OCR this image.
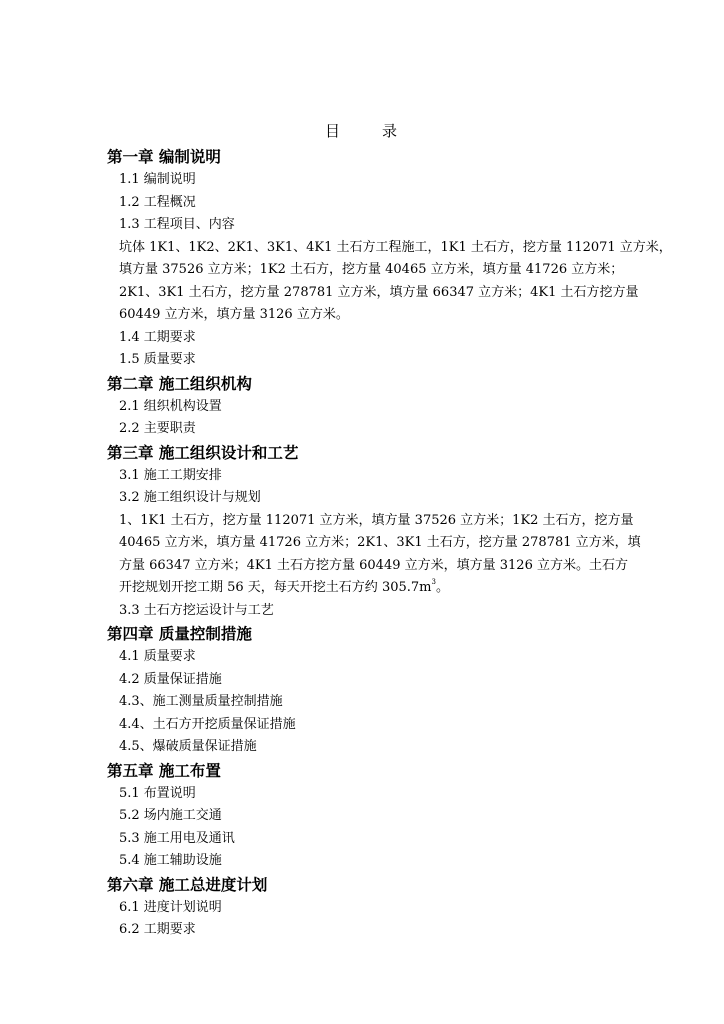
目	录
第一章 编制说明
1.1 编制说明
1.2 工程概况
1.3 工程项目、内容
坑体 1K1、1K2、2K1、3K1、4K1 土石方工程施工，1K1 土石方，挖方量 112071 立方米，
填方量 37526 立方米；1K2 土石方，挖方量 40465 立方米，填方量 41726 立方米；
2K1、3K1 土石方，挖方量 278781 立方米，填方量 66347 立方米；4K1 土石方挖方量
60449 立方米，填方量 3126 立方米。
1.4 工期要求
1.5 质量要求
第二章 施工组织机构
2.1 组织机构设置
2.2 主要职责
第三章 施工组织设计和工艺
3.1 施工工期安排
3.2 施工组织设计与规划
1、1K1 土石方，挖方量 112071 立方米，填方量 37526 立方米；1K2 土石方，挖方量
40465 立方米，填方量 41726 立方米；2K1、3K1 土石方，挖方量 278781 立方米，填
方量 66347 立方米；4K1 土石方挖方量 60449 立方米，填方量 3126 立方米。土石方
开挖规划开挖工期 56 天，每天开挖土石方约 $305.7m^3$。
3.3 土石方挖运设计与工艺
第四章 质量控制措施
4.1 质量要求
4.2 质量保证措施
4.3、施工测量质量控制措施
4.4、土石方开挖质量保证措施
4.5、爆破质量保证措施
第五章 施工布置
5.1 布置说明
5.2 场内施工交通
5.3 施工用电及通讯
5.4 施工辅助设施
第六章 施工总进度计划
6.1 进度计划说明
6.2 工期要求
